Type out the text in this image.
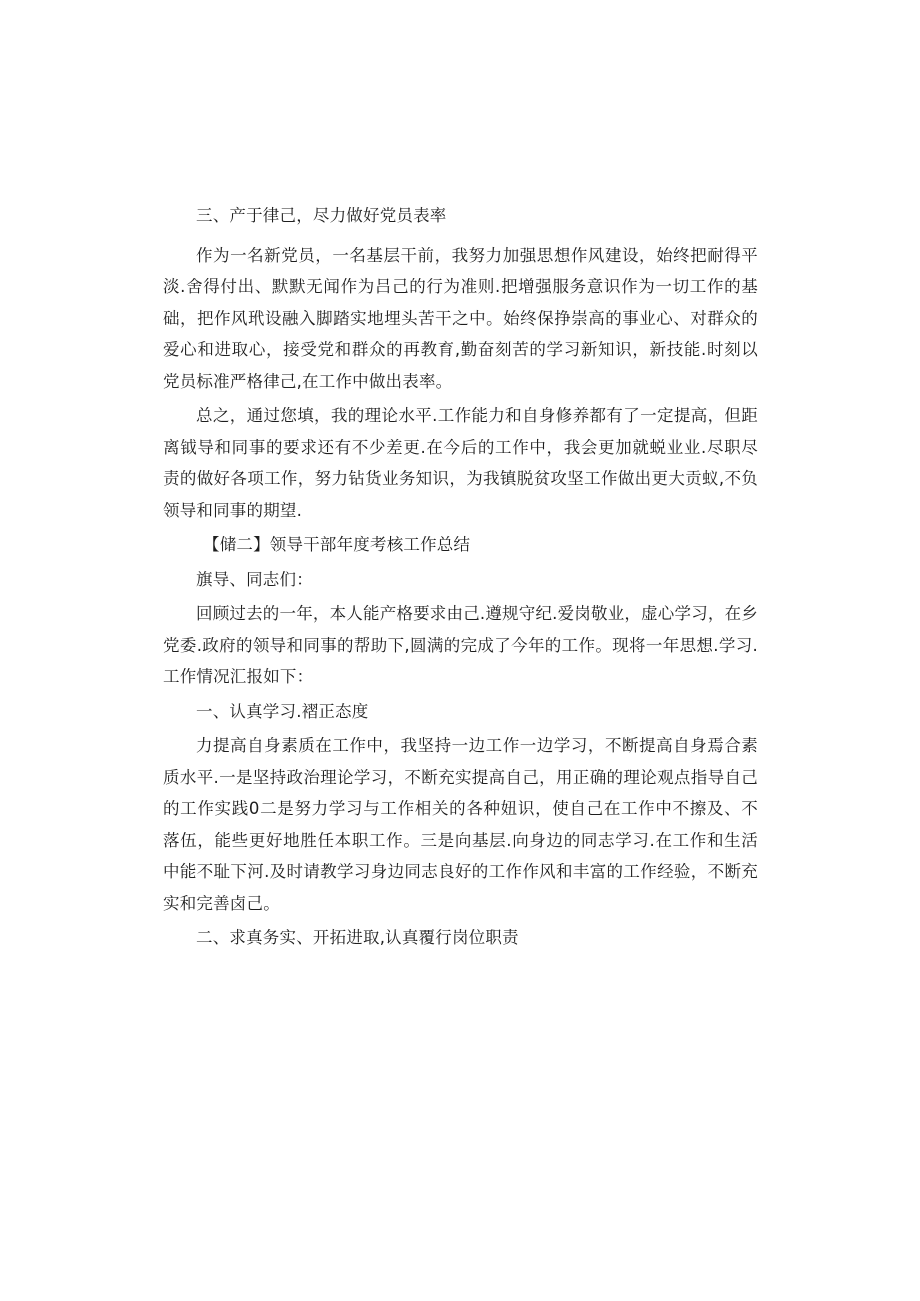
三、产于律己，尽力做好党员表率

作为一名新党员，一名基层干前，我努力加强思想作风建设，始终把耐得平淡.舍得付出、默默无闻作为吕己的行为准则.把增强服务意识作为一切工作的基础，把作风玳设融入脚踏实地埋头苦干之中。始终保挣崇高的事业心、对群众的爱心和进取心，接受党和群众的再教育,勤奋刻苦的学习新知识，新技能.时刻以党员标准严格律己,在工作中做出表率。

总之，通过您填，我的理论水平.工作能力和自身修养都有了一定提高，但距离钺导和同事的要求还有不少差更.在今后的工作中，我会更加就蜕业业.尽职尽责的做好各项工作，努力钻货业务知识，为我镇脱贫攻坚工作做出更大贡蚁,不负领导和同事的期望.

【储二】领导干部年度考核工作总结

旗导、同志们：

回顾过去的一年，本人能产格要求由己.遵规守纪.爱岗敬业，虚心学习，在乡党委.政府的领导和同事的帮助下,圆满的完成了今年的工作。现将一年思想.学习.工作情况汇报如下：

一、认真学习.褶正态度

力提高自身素质在工作中，我坚持一边工作一边学习，不断提高自身焉合素质水平.一是坚持政治理论学习，不断充实提高自己，用正确的理论观点指导自己的工作实践0二是努力学习与工作相关的各种妞识，使自己在工作中不擦及、不落伍，能些更好地胜任本职工作。三是向基层.向身边的同志学习.在工作和生活中能不耻下河.及时请教学习身边同志良好的工作作风和丰富的工作经验，不断充实和完善卤己。

二、求真务实、开拓进取,认真覆行岗位职责
